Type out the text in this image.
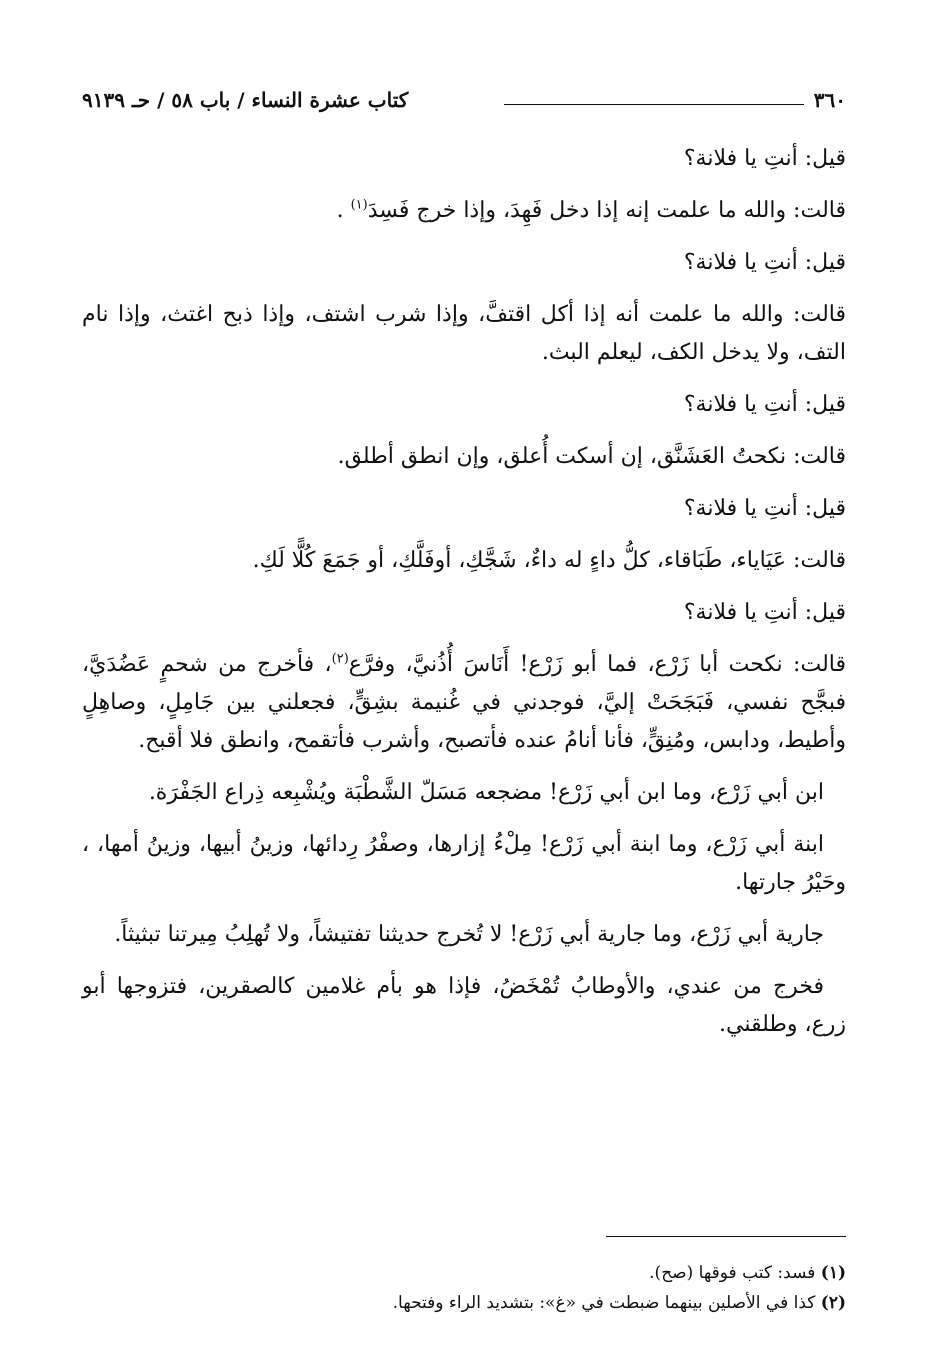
٣٦٠
كتاب عشرة النساء / باب ٥٨ / حـ ٩١٣٩

قيل: أنتِ يا فلانة؟

قالت: والله ما علمت إنه إذا دخل فَهِدَ، وإذا خرج فَسِدَ$^{(١)}$ .

قيل: أنتِ يا فلانة؟

قالت: والله ما علمت أنه إذا أكل اقتفَّ، وإذا شرب اشتف، وإذا ذبح اغتث، وإذا نام التف، ولا يدخل الكف، ليعلم البث.

قيل: أنتِ يا فلانة؟

قالت: نكحتُ العَشَنَّق، إن أسكت أُعلق، وإن انطق أطلق.

قيل: أنتِ يا فلانة؟

قالت: عَيَاياء، طَبَاقاء، كلُّ داءٍ له داءٌ، شَجَّكِ، أوفَلَّكِ، أو جَمَعَ كُلًّا لَكِ.

قيل: أنتِ يا فلانة؟

قالت: نكحت أبا زَرْع، فما أبو زَرْع! أَنَاسَ أُذُنيَّ، وفرَّع$^{(٢)}$، فأخرج من شحمٍ عَضُدَيَّ، فبجَّح نفسي، فَبَجَحَتْ إليَّ، فوجدني في غُنيمة بشِقٍّ، فجعلني بين جَامِلٍ، وصاهِلٍ وأطيط، ودابس، ومُنِقٍّ، فأنا أنامُ عنده فأتصبح، وأشرب فأتقمح، وانطق فلا أقبح.

ابن أبي زَرْع، وما ابن أبي زَرْع! مضجعه مَسَلّ الشَّطْبَة ويُشْبِعه ذِراع الجَفْرَة.

ابنة أبي زَرْع، وما ابنة أبي زَرْع! مِلْءُ إزارها، وصفْرُ رِدائها، وزينُ أبيها، وزينُ أمها، ، وحَيْرُ جارتها.

جارية أبي زَرْع، وما جارية أبي زَرْع! لا تُخرج حديثنا تفتيشاً، ولا تُهلِبُ مِيرتنا تبثيثاً.

فخرج من عندي، والأوطابُ تُمْخَضُ، فإذا هو بأم غلامين كالصقرين، فتزوجها أبو زرع، وطلقني.

(١) فسد: كتب فوقها (صح).

(٢) كذا في الأصلين بينهما ضبطت في «غ»: بتشديد الراء وفتحها.
